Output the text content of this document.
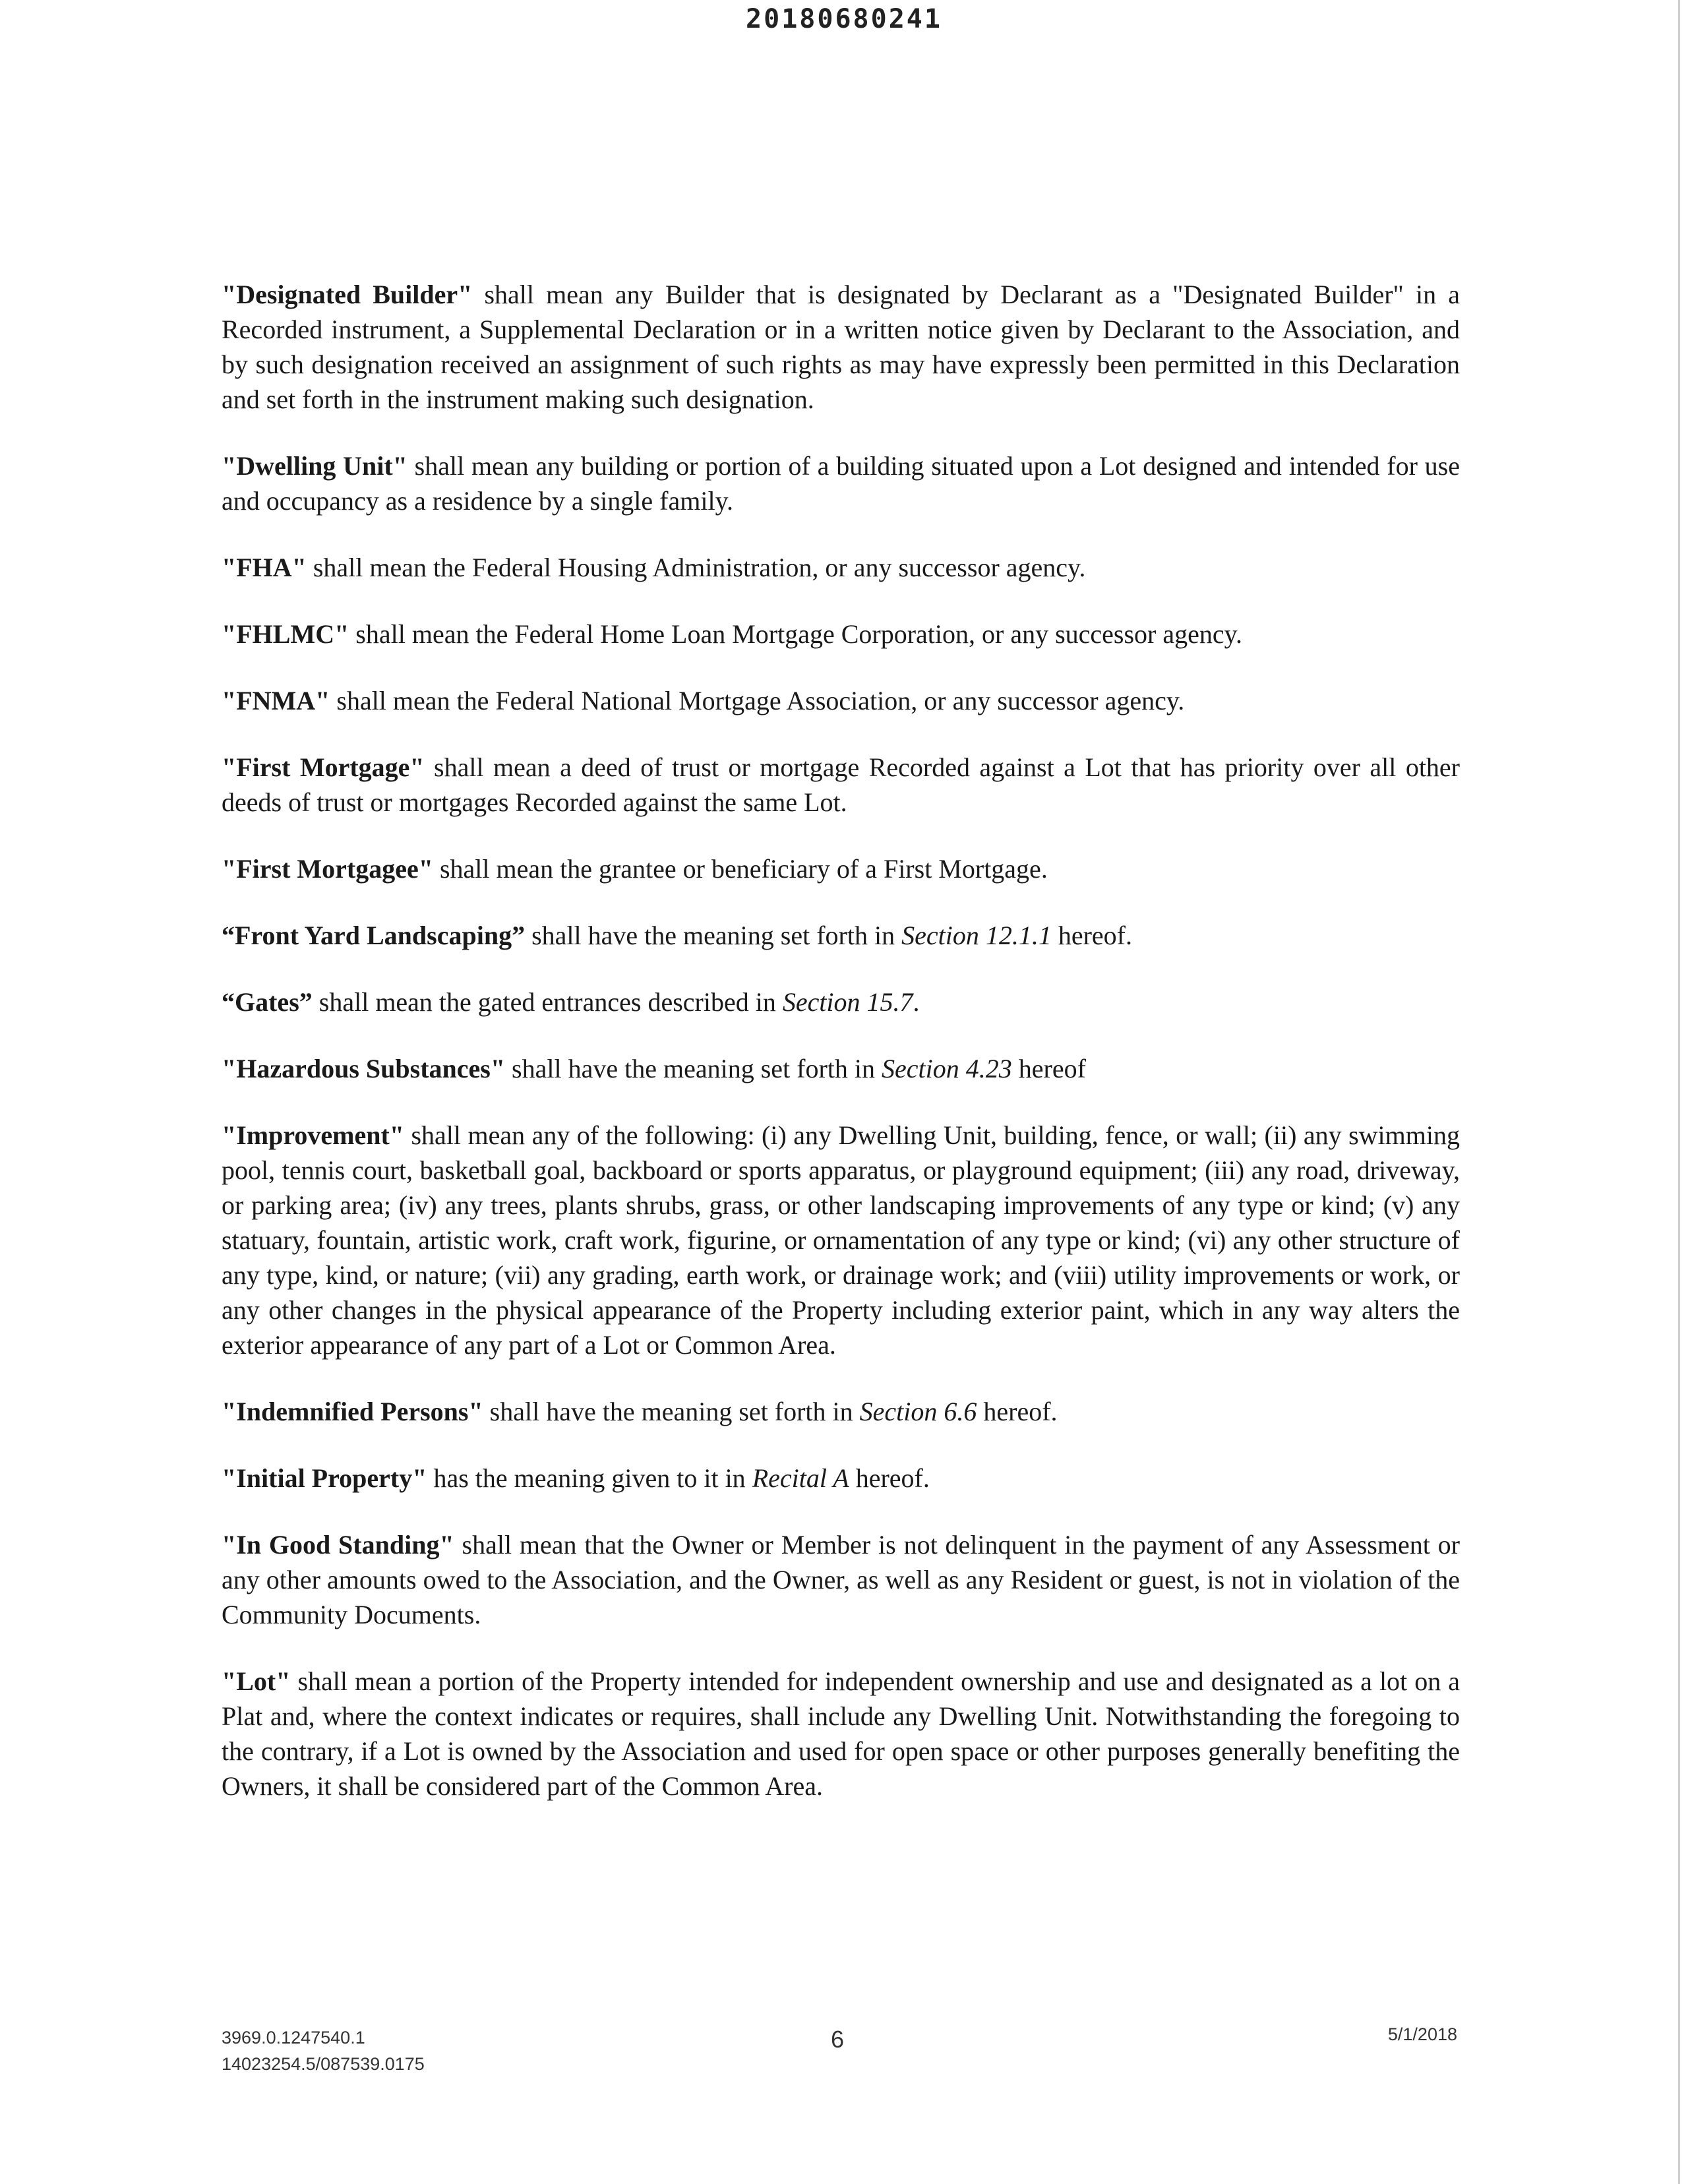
20180680241

"Designated Builder" shall mean any Builder that is designated by Declarant as a "Designated Builder" in a Recorded instrument, a Supplemental Declaration or in a written notice given by Declarant to the Association, and by such designation received an assignment of such rights as may have expressly been permitted in this Declaration and set forth in the instrument making such designation.

"Dwelling Unit" shall mean any building or portion of a building situated upon a Lot designed and intended for use and occupancy as a residence by a single family.

"FHA" shall mean the Federal Housing Administration, or any successor agency.

"FHLMC" shall mean the Federal Home Loan Mortgage Corporation, or any successor agency.

"FNMA" shall mean the Federal National Mortgage Association, or any successor agency.

"First Mortgage" shall mean a deed of trust or mortgage Recorded against a Lot that has priority over all other deeds of trust or mortgages Recorded against the same Lot.

"First Mortgagee" shall mean the grantee or beneficiary of a First Mortgage.

“Front Yard Landscaping” shall have the meaning set forth in Section 12.1.1 hereof.

“Gates” shall mean the gated entrances described in Section 15.7.

"Hazardous Substances" shall have the meaning set forth in Section 4.23 hereof

"Improvement" shall mean any of the following: (i) any Dwelling Unit, building, fence, or wall; (ii) any swimming pool, tennis court, basketball goal, backboard or sports apparatus, or playground equipment; (iii) any road, driveway, or parking area; (iv) any trees, plants shrubs, grass, or other landscaping improvements of any type or kind; (v) any statuary, fountain, artistic work, craft work, figurine, or ornamentation of any type or kind; (vi) any other structure of any type, kind, or nature; (vii) any grading, earth work, or drainage work; and (viii) utility improvements or work, or any other changes in the physical appearance of the Property including exterior paint, which in any way alters the exterior appearance of any part of a Lot or Common Area.

"Indemnified Persons" shall have the meaning set forth in Section 6.6 hereof.

"Initial Property" has the meaning given to it in Recital A hereof.

"In Good Standing" shall mean that the Owner or Member is not delinquent in the payment of any Assessment or any other amounts owed to the Association, and the Owner, as well as any Resident or guest, is not in violation of the Community Documents.

"Lot" shall mean a portion of the Property intended for independent ownership and use and designated as a lot on a Plat and, where the context indicates or requires, shall include any Dwelling Unit. Notwithstanding the foregoing to the contrary, if a Lot is owned by the Association and used for open space or other purposes generally benefiting the Owners, it shall be considered part of the Common Area.

3969.0.1247540.1
14023254.5/087539.0175
6	5/1/2018
